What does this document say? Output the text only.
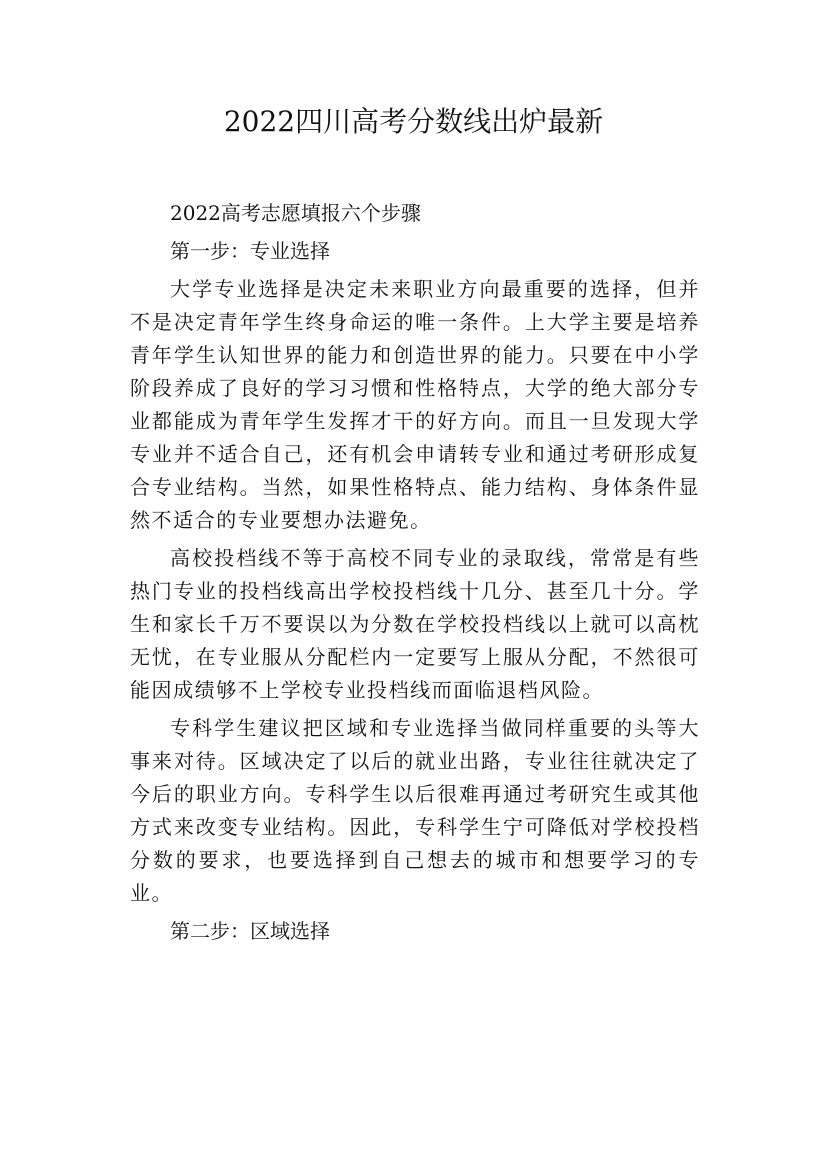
2022四川高考分数线出炉最新

2022高考志愿填报六个步骤

第一步：专业选择

大学专业选择是决定未来职业方向最重要的选择，但并不是决定青年学生终身命运的唯一条件。上大学主要是培养青年学生认知世界的能力和创造世界的能力。只要在中小学阶段养成了良好的学习习惯和性格特点，大学的绝大部分专业都能成为青年学生发挥才干的好方向。而且一旦发现大学专业并不适合自己，还有机会申请转专业和通过考研形成复合专业结构。当然，如果性格特点、能力结构、身体条件显然不适合的专业要想办法避免。

高校投档线不等于高校不同专业的录取线，常常是有些热门专业的投档线高出学校投档线十几分、甚至几十分。学生和家长千万不要误以为分数在学校投档线以上就可以高枕无忧，在专业服从分配栏内一定要写上服从分配，不然很可能因成绩够不上学校专业投档线而面临退档风险。

专科学生建议把区域和专业选择当做同样重要的头等大事来对待。区域决定了以后的就业出路，专业往往就决定了今后的职业方向。专科学生以后很难再通过考研究生或其他方式来改变专业结构。因此，专科学生宁可降低对学校投档分数的要求，也要选择到自己想去的城市和想要学习的专业。

第二步：区域选择
